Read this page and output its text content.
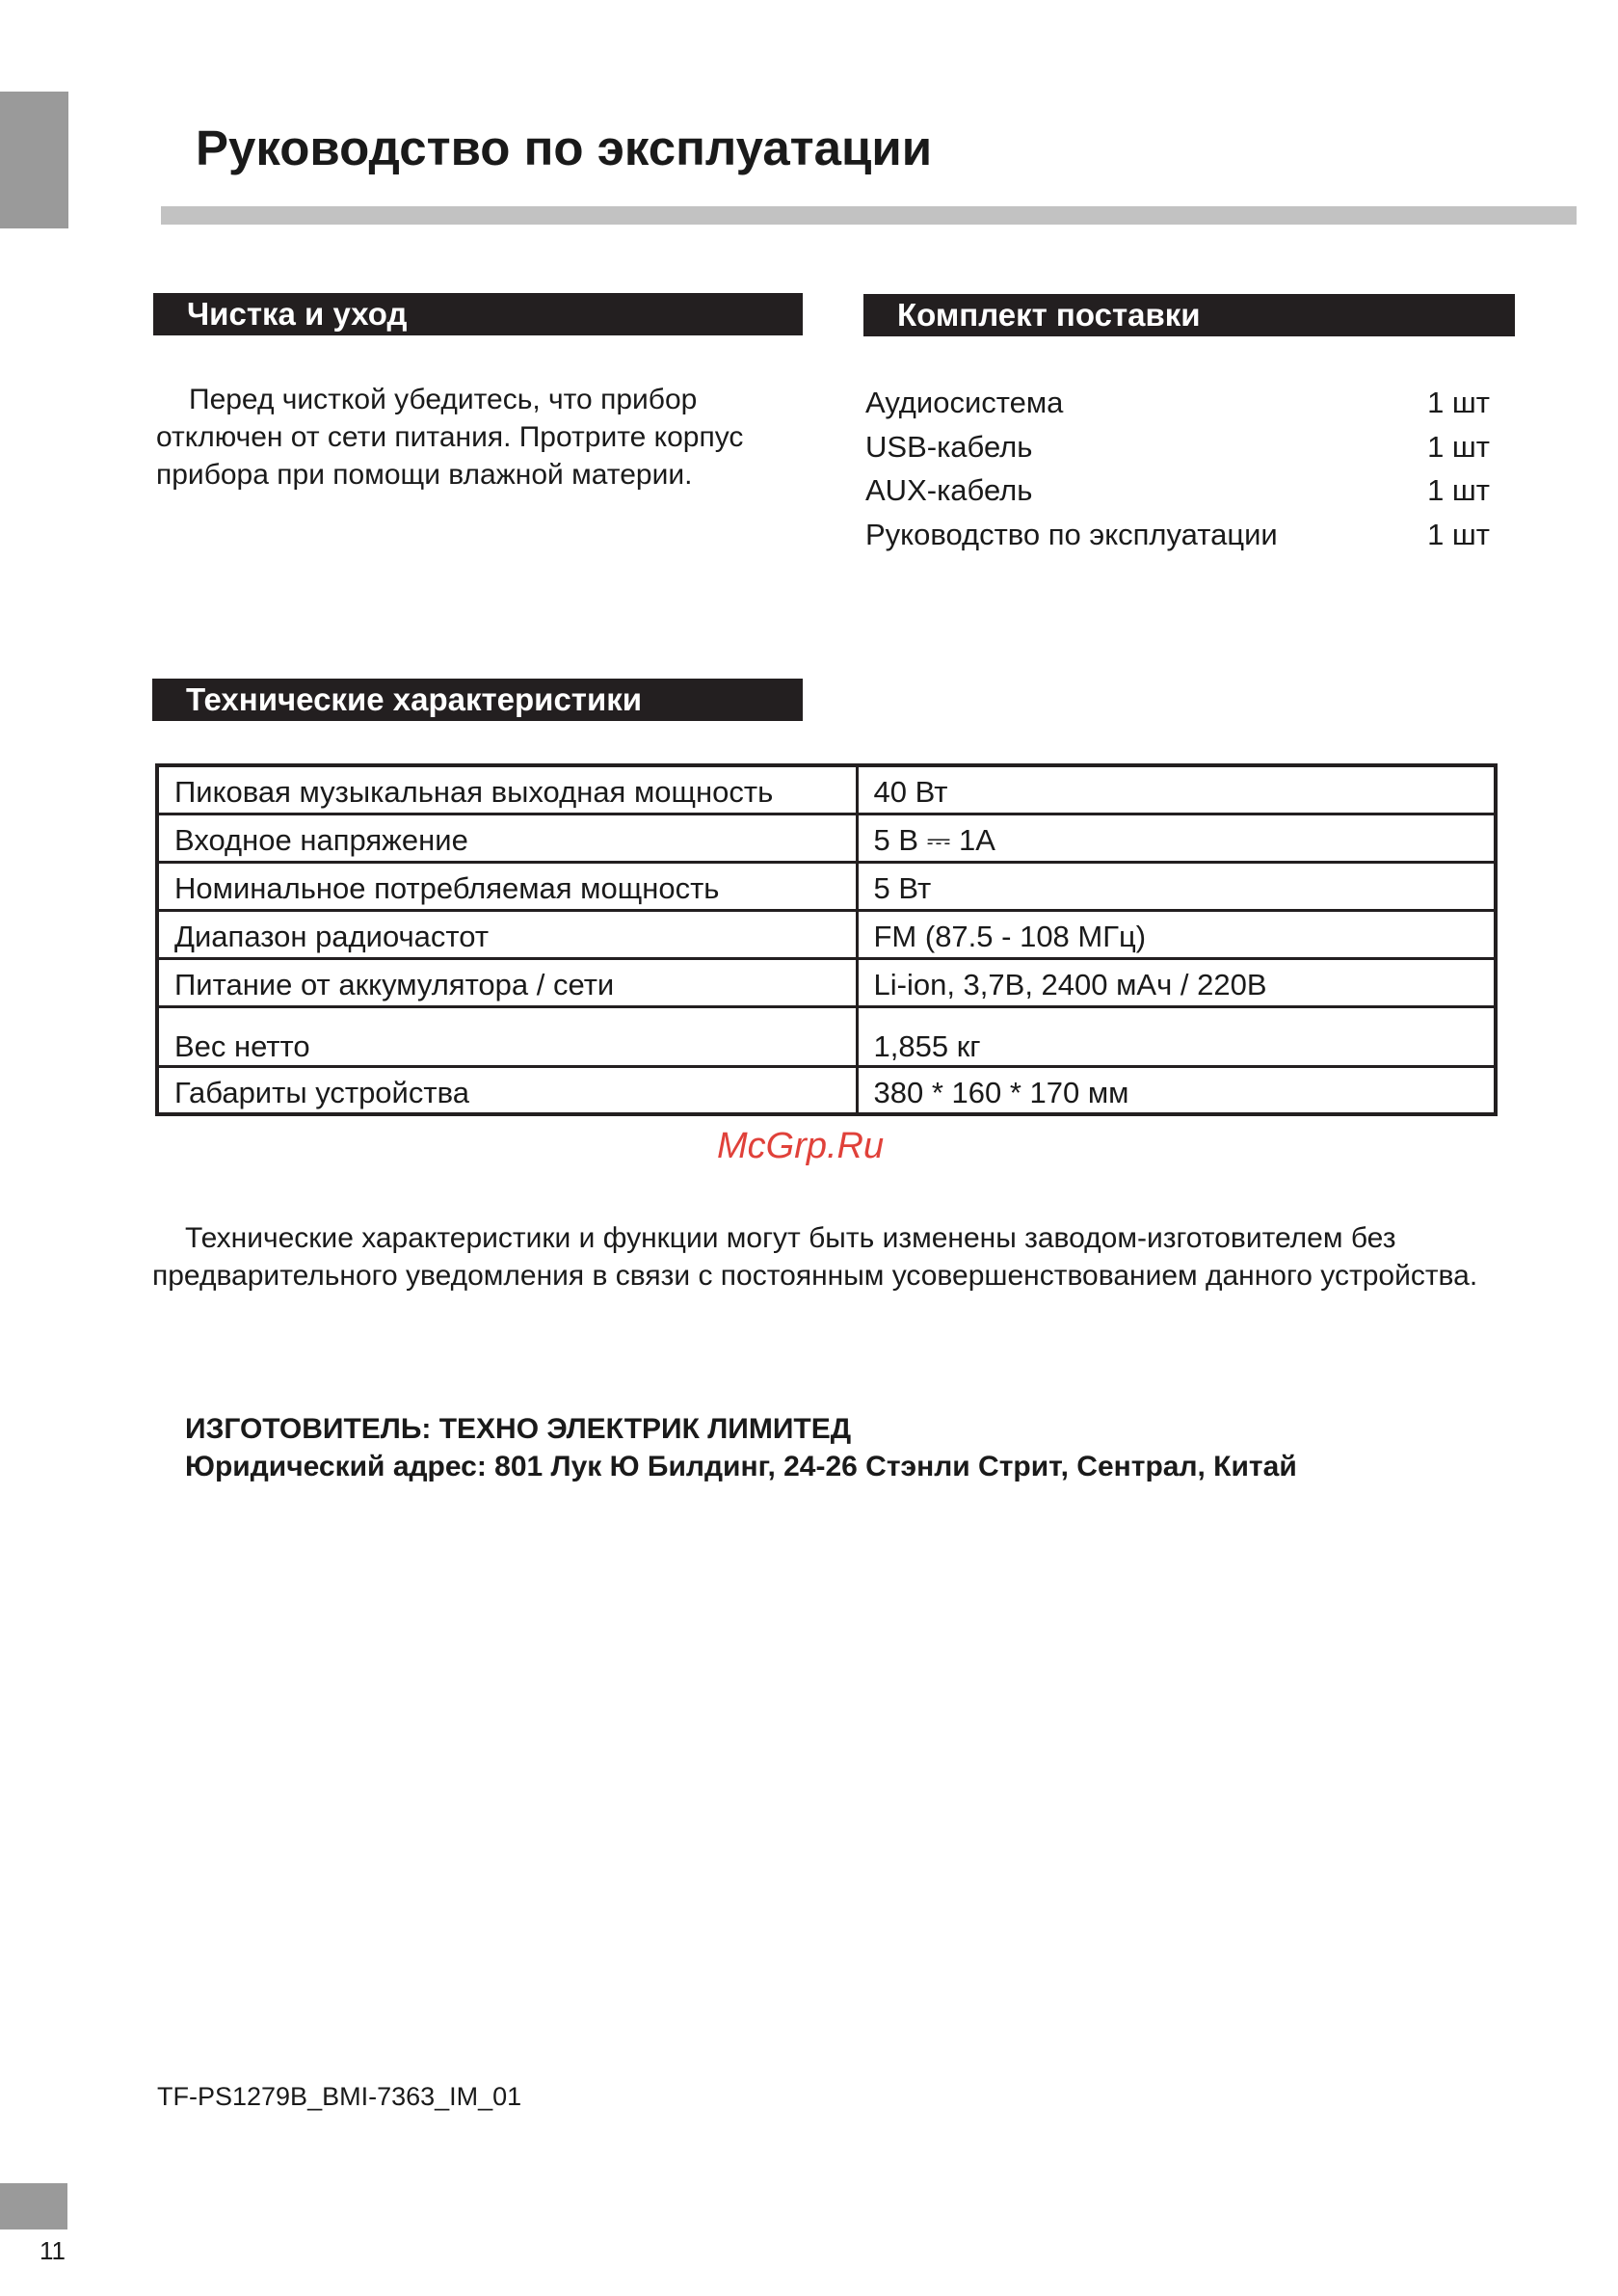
Руководство по эксплуатации
Чистка и уход

Перед чисткой убедитесь, что прибор отключен от сети питания. Протрите корпус прибора при помощи влажной материи.

Комплект поставки
Аудиосистема	1 шт
USB-кабель	1 шт
AUX-кабель	1 шт
Руководство по эксплуатации	1 шт
Технические характеристики
Пиковая музыкальная выходная мощность	40 Вт
Входное напряжение	5 В ⎓ 1А
Номинальное потребляемая мощность	5 Вт
Диапазон радиочастот	FM (87.5 - 108 МГц)
Питание от аккумулятора / сети	Li-ion, 3,7В, 2400 мАч / 220В
Вес нетто	1,855 кг
Габариты устройства	380 * 160 * 170 мм
McGrp.Ru

Технические характеристики и функции могут быть изменены заводом-изготовителем без предварительного уведомления в связи с постоянным усовершенствованием данного устройства.

ИЗГОТОВИТЕЛЬ: ТЕХНО ЭЛЕКТРИК ЛИМИТЕД
Юридический адрес: 801 Лук Ю Билдинг, 24-26 Стэнли Стрит, Сентрал, Китай
TF-PS1279B_BMI-7363_IM_01
11
